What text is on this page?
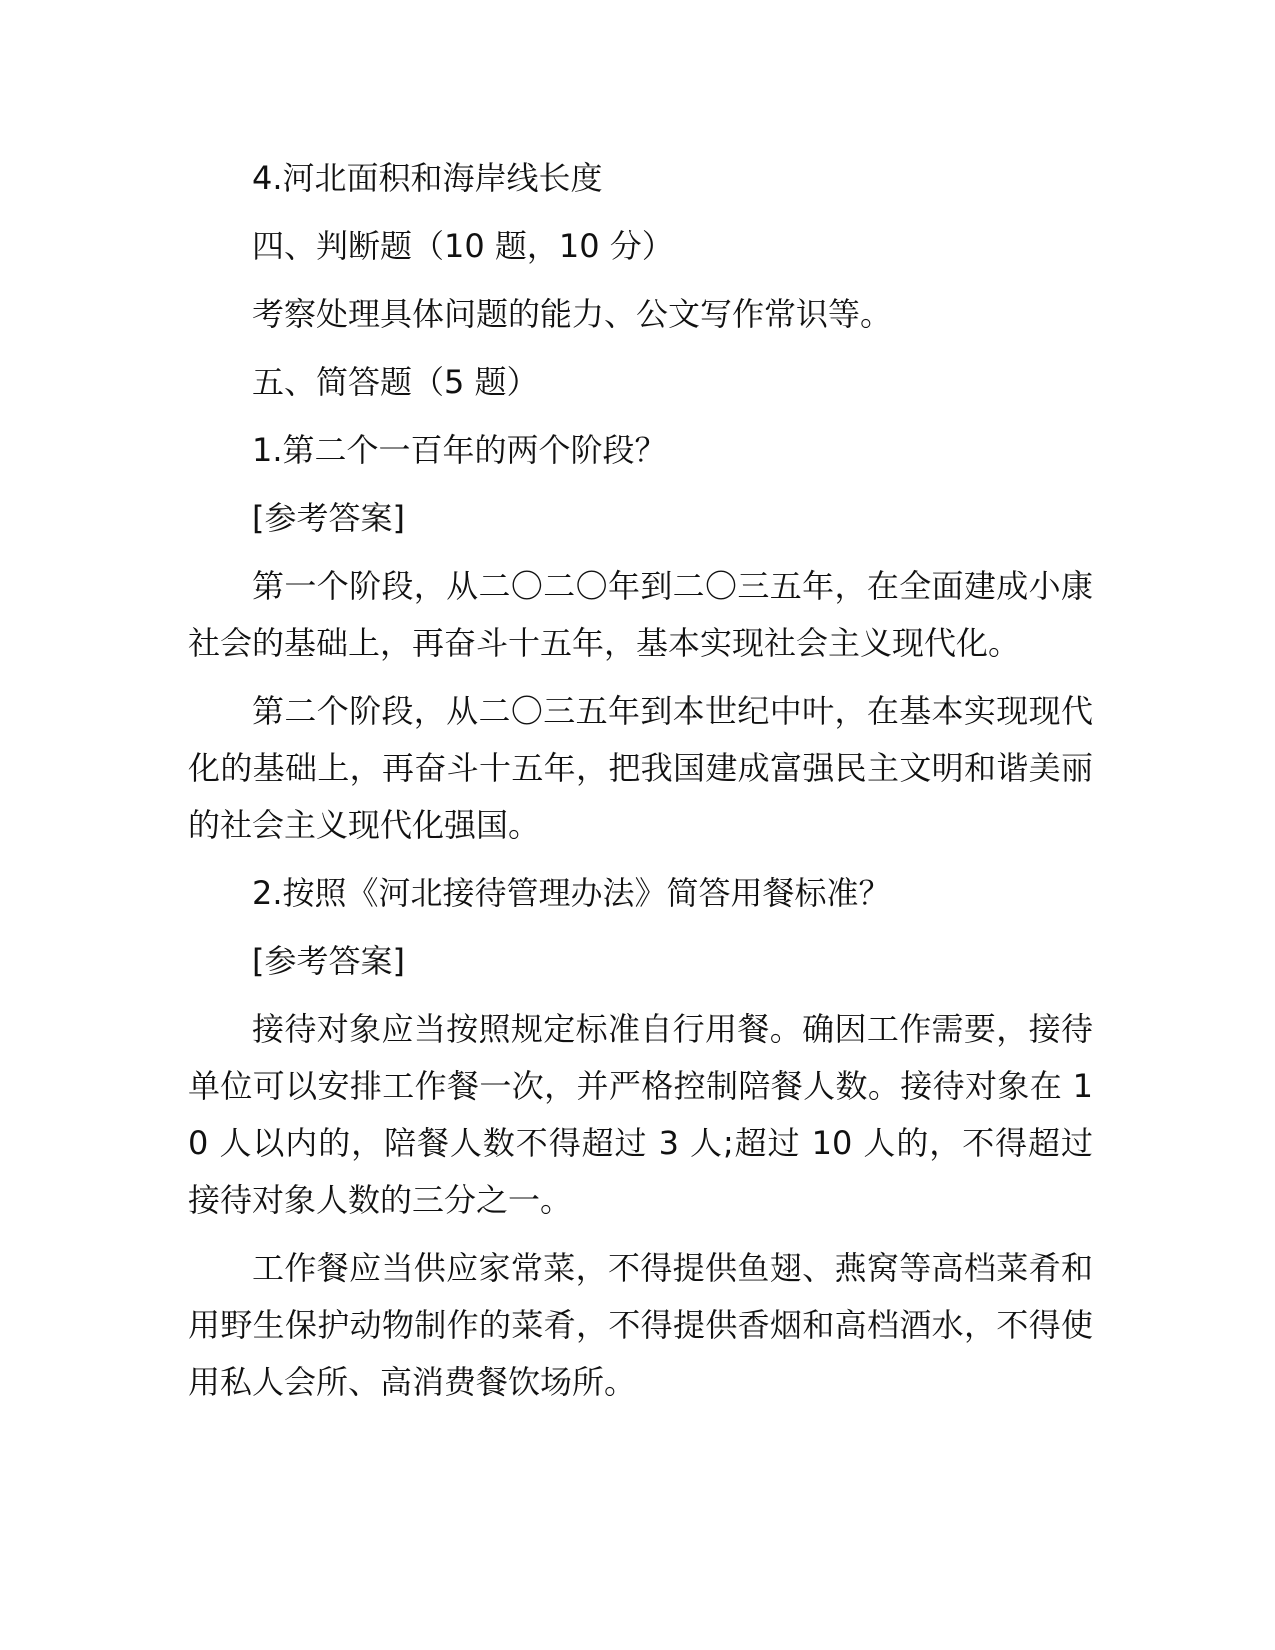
4.河北面积和海岸线长度

四、判断题（10 题，10 分）

考察处理具体问题的能力、公文写作常识等。

五、简答题（5 题）

1.第二个一百年的两个阶段？

[参考答案]

第一个阶段，从二〇二〇年到二〇三五年，在全面建成小康社会的基础上，再奋斗十五年，基本实现社会主义现代化。

第二个阶段，从二〇三五年到本世纪中叶，在基本实现现代化的基础上，再奋斗十五年，把我国建成富强民主文明和谐美丽的社会主义现代化强国。

2.按照《河北接待管理办法》简答用餐标准？

[参考答案]

接待对象应当按照规定标准自行用餐。确因工作需要，接待单位可以安排工作餐一次，并严格控制陪餐人数。接待对象在 10 人以内的，陪餐人数不得超过 3 人;超过 10 人的，不得超过接待对象人数的三分之一。

工作餐应当供应家常菜，不得提供鱼翅、燕窝等高档菜肴和用野生保护动物制作的菜肴，不得提供香烟和高档酒水，不得使用私人会所、高消费餐饮场所。
